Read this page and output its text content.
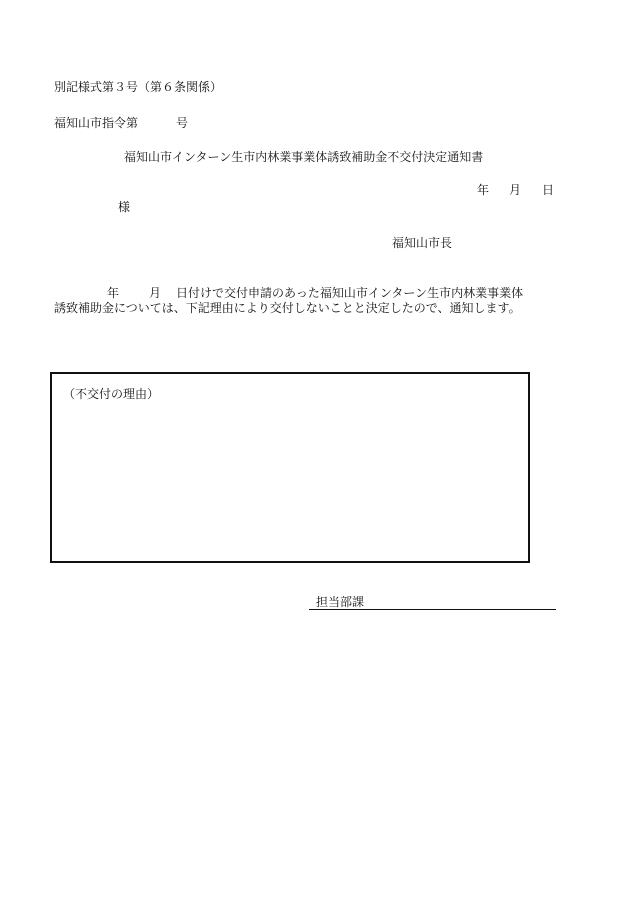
別記様式第３号（第６条関係）
福知山市指令第	号
福知山市インターン生市内林業事業体誘致補助金不交付決定通知書
年 月 日
様
福知山市長
年 月 日付けで交付申請のあった福知山市インターン生市内林業事業体
誘致補助金については、下記理由により交付しないことと決定したので、通知します。
（不交付の理由）
担当部課
